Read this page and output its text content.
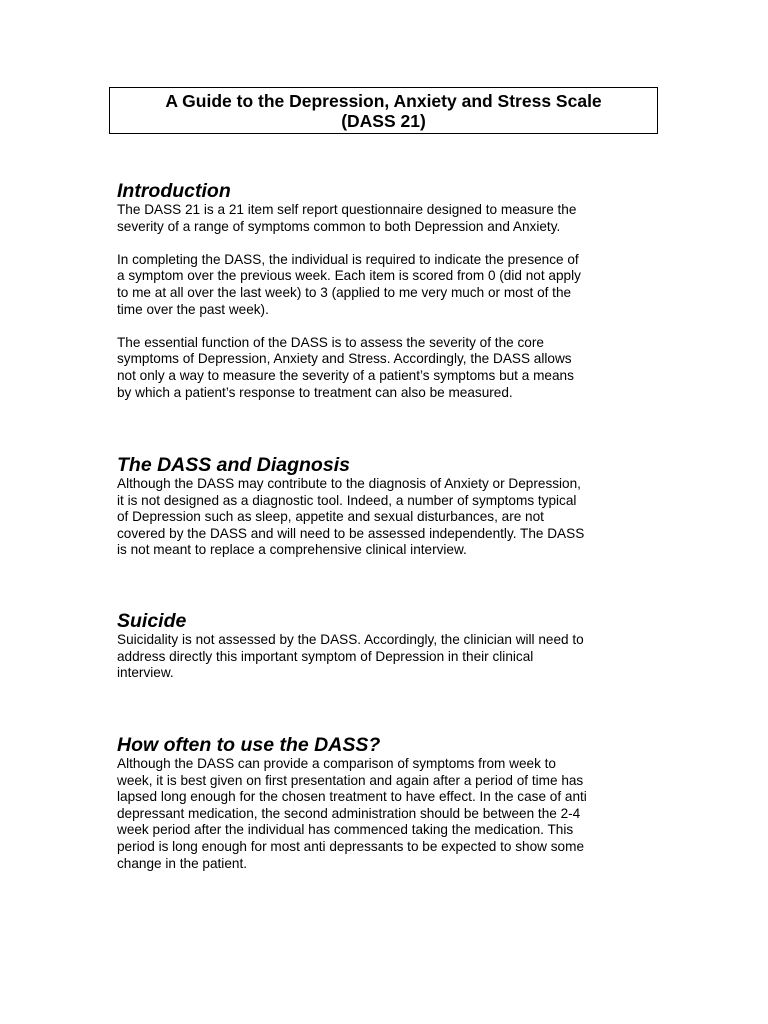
A Guide to the Depression, Anxiety and Stress Scale
(DASS 21)
Introduction

The DASS 21 is a 21 item self report questionnaire designed to measure the
severity of a range of symptoms common to both Depression and Anxiety.

In completing the DASS, the individual is required to indicate the presence of
a symptom over the previous week. Each item is scored from 0 (did not apply
to me at all over the last week) to 3 (applied to me very much or most of the
time over the past week).

The essential function of the DASS is to assess the severity of the core
symptoms of Depression, Anxiety and Stress. Accordingly, the DASS allows
not only a way to measure the severity of a patient’s symptoms but a means
by which a patient’s response to treatment can also be measured.

The DASS and Diagnosis

Although the DASS may contribute to the diagnosis of Anxiety or Depression,
it is not designed as a diagnostic tool. Indeed, a number of symptoms typical
of Depression such as sleep, appetite and sexual disturbances, are not
covered by the DASS and will need to be assessed independently. The DASS
is not meant to replace a comprehensive clinical interview.

Suicide

Suicidality is not assessed by the DASS. Accordingly, the clinician will need to
address directly this important symptom of Depression in their clinical
interview.

How often to use the DASS?

Although the DASS can provide a comparison of symptoms from week to
week, it is best given on first presentation and again after a period of time has
lapsed long enough for the chosen treatment to have effect. In the case of anti
depressant medication, the second administration should be between the 2-4
week period after the individual has commenced taking the medication. This
period is long enough for most anti depressants to be expected to show some
change in the patient.
